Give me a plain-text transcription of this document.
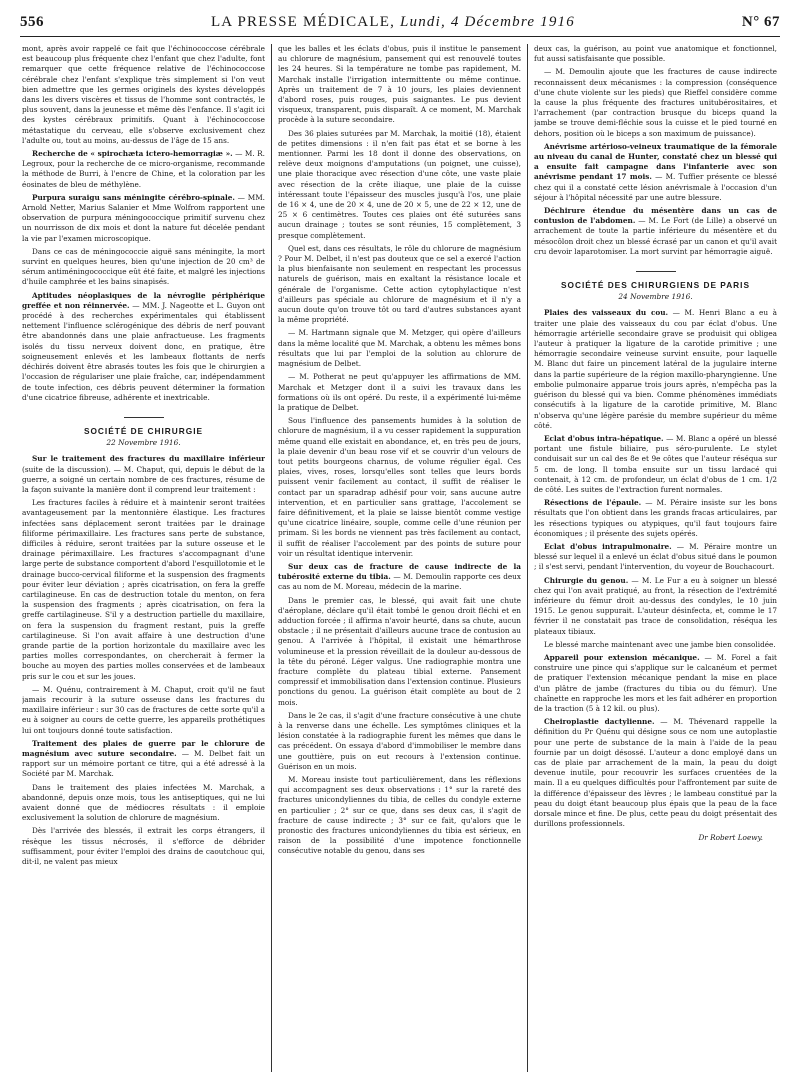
556	LA PRESSE MÉDICALE, Lundi, 4 Décembre 1916	N° 67

mont, après avoir rappelé ce fait que l'échinococcose cérébrale est beaucoup plus fréquente chez l'enfant que chez l'adulte, font remarquer que cette fréquence relative de l'échinococcose cérébrale chez l'enfant s'explique très simplement si l'on veut bien admettre que les germes originels des kystes développés dans les divers viscères et tissus de l'homme sont contractés, le plus souvent, dans la jeunesse et même dès l'enfance. Il s'agit ici des kystes cérébraux primitifs. Quant à l'échinococcose métastatique du cerveau, elle s'observe exclusivement chez l'adulte ou, tout au moins, au-dessus de l'âge de 15 ans.

Recherche de « spirochæta ictero-hemorragiæ ». — M. R. Legroux, pour la recherche de ce micro-organisme, recommande la méthode de Burri, à l'encre de Chine, et la coloration par les éosinates de bleu de méthylène.

Purpura suraigu sans méningite cérébro-spinale. — MM. Arnold Netter, Marius Salanier et Mme Wolfrom rapportent une observation de purpura méningococcique primitif survenu chez un nourrisson de dix mois et dont la nature fut décelée pendant la vie par l'examen microscopique.

Dans ce cas de méningococcie aiguë sans méningite, la mort survint en quelques heures, bien qu'une injection de 20 cm³ de sérum antiméningococcique eût été faite, et malgré les injections d'huile camphrée et les bains sinapisés.

Aptitudes néoplasiques de la névroglie périphérique greffée et non réinnervée. — MM. J. Nageotte et L. Guyon ont procédé à des recherches expérimentales qui établissent nettement l'influence sclérogénique des débris de nerf pouvant être abandonnés dans une plaie anfractueuse. Les fragments isolés du tissu nerveux doivent donc, en pratique, être soigneusement enlevés et les lambeaux flottants de nerfs déchirés doivent être abrasés toutes les fois que le chirurgien a l'occasion de régulariser une plaie fraîche, car, indépendamment de toute infection, ces débris peuvent déterminer la formation d'une cicatrice fibreuse, adhérente et inextricable.

SOCIÉTÉ DE CHIRURGIE
22 Novembre 1916.

Sur le traitement des fractures du maxillaire inférieur (suite de la discussion). — M. Chaput, qui, depuis le début de la guerre, a soigné un certain nombre de ces fractures, résume de la façon suivante la manière dont il comprend leur traitement :

Les fractures faciles à réduire et à maintenir seront traitées avantageusement par la mentonnière élastique. Les fractures infectées sans déplacement seront traitées par le drainage filiforme périmaxillaire. Les fractures sans perte de substance, difficiles à réduire, seront traitées par la suture osseuse et le drainage périmaxillaire. Les fractures s'accompagnant d'une large perte de substance comportent d'abord l'esquillotomie et le drainage bucco-cervical filiforme et la suspension des fragments pour éviter leur déviation ; après cicatrisation, on fera la greffe cartilagineuse. En cas de destruction totale du menton, on fera la suspension des fragments ; après cicatrisation, on fera la greffe cartilagineuse. S'il y a destruction partielle du maxillaire, on fera la suspension du fragment restant, puis la greffe cartilagineuse. Si l'on avait affaire à une destruction d'une grande partie de la portion horizontale du maxillaire avec les parties molles correspondantes, on chercherait à fermer la bouche au moyen des parties molles conservées et de lambeaux pris sur le cou et sur les joues.

— M. Quénu, contrairement à M. Chaput, croit qu'il ne faut jamais recourir à la suture osseuse dans les fractures du maxillaire inférieur : sur 30 cas de fractures de cette sorte qu'il a eu à soigner au cours de cette guerre, les appareils prothétiques lui ont toujours donné toute satisfaction.

Traitement des plaies de guerre par le chlorure de magnésium avec suture secondaire. — M. Delbet fait un rapport sur un mémoire portant ce titre, qui a été adressé à la Société par M. Marchak.

Dans le traitement des plaies infectées M. Marchak, a abandonné, depuis onze mois, tous les antiseptiques, qui ne lui avaient donné que de médiocres résultats : il emploie exclusivement la solution de chlorure de magnésium.

Dès l'arrivée des blessés, il extrait les corps étrangers, il résèque les tissus nécrosés, il s'efforce de débrider suffisamment, pour éviter l'emploi des drains de caoutchouc qui, dit-il, ne valent pas mieux

que les balles et les éclats d'obus, puis il institue le pansement au chlorure de magnésium, pansement qui est renouvelé toutes les 24 heures. Si la température ne tombe pas rapidement, M. Marchak installe l'irrigation intermittente ou même continue. Après un traitement de 7 à 10 jours, les plaies deviennent d'abord roses, puis rouges, puis saignantes. Le pus devient visqueux, transparent, puis disparaît. A ce moment, M. Marchak procède à la suture secondaire.

Des 36 plaies suturées par M. Marchak, la moitié (18), étaient de petites dimensions : il n'en fait pas état et se borne à les mentionner. Parmi les 18 dont il donne des observations, on relève deux moignons d'amputations (un poignet, une cuisse), une plaie thoracique avec résection d'une côte, une vaste plaie avec résection de la crête iliaque, une plaie de la cuisse intéressant toute l'épaisseur des muscles jusqu'à l'os, une plaie de 16 × 4, une de 20 × 4, une de 20 × 5, une de 22 × 12, une de 25 × 6 centimètres. Toutes ces plaies ont été suturées sans aucun drainage ; toutes se sont réunies, 15 complètement, 3 presque complètement.

Quel est, dans ces résultats, le rôle du chlorure de magnésium ? Pour M. Delbet, il n'est pas douteux que ce sel a exercé l'action la plus bienfaisante non seulement en respectant les processus naturels de guérison, mais en exaltant la résistance locale et générale de l'organisme. Cette action cytophylactique n'est d'ailleurs pas spéciale au chlorure de magnésium et il n'y a aucun doute qu'on trouve tôt ou tard d'autres substances ayant la même propriété.

— M. Hartmann signale que M. Metzger, qui opère d'ailleurs dans la même localité que M. Marchak, a obtenu les mêmes bons résultats que lui par l'emploi de la solution au chlorure de magnésium de Delbet.

— M. Potherat ne peut qu'appuyer les affirmations de MM. Marchak et Metzger dont il a suivi les travaux dans les formations où ils ont opéré. Du reste, il a expérimenté lui-même la pratique de Delbet.

Sous l'influence des pansements humides à la solution de chlorure de magnésium, il a vu cesser rapidement la suppuration même quand elle existait en abondance, et, en très peu de jours, la plaie devenir d'un beau rose vif et se couvrir d'un velours de tout petits bourgeons charnus, de volume régulier égal. Ces plaies, vives, roses, lorsqu'elles sont telles que leurs bords puissent venir facilement au contact, il suffit de réaliser le contact par un sparadrap adhésif pour voir, sans aucune autre intervention, et en particulier sans grattage, l'accolement se faire définitivement, et la plaie se laisse bientôt comme vestige qu'une cicatrice linéaire, souple, comme celle d'une réunion per primam. Si les bords ne viennent pas très facilement au contact, il suffit de réaliser l'accolement par des points de suture pour voir un résultat identique intervenir.

Sur deux cas de fracture de cause indirecte de la tubérosité externe du tibia. — M. Demoulin rapporte ces deux cas au nom de M. Moreau, médecin de la marine.

Dans le premier cas, le blessé, qui avait fait une chute d'aéroplane, déclare qu'il était tombé le genou droit fléchi et en adduction forcée ; il affirma n'avoir heurté, dans sa chute, aucun obstacle ; il ne présentait d'ailleurs aucune trace de contusion au genou. A l'arrivée à l'hôpital, il existait une hémarthrose volumineuse et la pression réveillait de la douleur au-dessous de la tête du péroné. Léger valgus. Une radiographie montra une fracture complète du plateau tibial externe. Pansement compressif et immobilisation dans l'extension continue. Plusieurs ponctions du genou. La guérison était complète au bout de 2 mois.

Dans le 2e cas, il s'agit d'une fracture consécutive à une chute à la renverse dans une échelle. Les symptômes cliniques et la lésion constatée à la radiographie furent les mêmes que dans le cas précédent. On essaya d'abord d'immobiliser le membre dans une gouttière, puis on eut recours à l'extension continue. Guérison en un mois.

M. Moreau insiste tout particulièrement, dans les réflexions qui accompagnent ses deux observations : 1° sur la rareté des fractures unicondyliennes du tibia, de celles du condyle externe en particulier ; 2° sur ce que, dans ses deux cas, il s'agit de fracture de cause indirecte ; 3° sur ce fait, qu'alors que le pronostic des fractures unicondyliennes du tibia est sérieux, en raison de la possibilité d'une impotence fonctionnelle consécutive notable du genou, dans ses

deux cas, la guérison, au point vue anatomique et fonctionnel, fut aussi satisfaisante que possible.

— M. Demoulin ajoute que les fractures de cause indirecte reconnaissent deux mécanismes : la compression (conséquence d'une chute violente sur les pieds) que Rieffel considère comme la cause la plus fréquente des fractures unitubérositaires, et l'arrachement (par contraction brusque du biceps quand la jambe se trouve demi-fléchie sous la cuisse et le pied tourné en dehors, position où le biceps a son maximum de puissance).

Anévrisme artérioso-veineux traumatique de la fémorale au niveau du canal de Hunter, constaté chez un blessé qui a ensuite fait campagne dans l'infanterie avec son anévrisme pendant 17 mois. — M. Tuffier présente ce blessé chez qui il a constaté cette lésion anévrismale à l'occasion d'un séjour à l'hôpital nécessité par une autre blessure.

Déchirure étendue du mésentère dans un cas de contusion de l'abdomen. — M. Le Fort (de Lille) a observé un arrachement de toute la partie inférieure du mésentère et du mésocôlon droit chez un blessé écrasé par un canon et qu'il avait cru devoir laparotomiser. La mort survint par hémorragie aiguë.

SOCIÉTÉ DES CHIRURGIENS DE PARIS
24 Novembre 1916.

Plaies des vaisseaux du cou. — M. Henri Blanc a eu à traiter une plaie des vaisseaux du cou par éclat d'obus. Une hémorragie artérielle secondaire grave se produisit qui obligea l'auteur à pratiquer la ligature de la carotide primitive ; une hémorragie secondaire veineuse survint ensuite, pour laquelle M. Blanc dut faire un pincement latéral de la jugulaire interne dans la partie supérieure de la région maxillo-pharyngienne. Une embolie pulmonaire apparue trois jours après, n'empêcha pas la guérison du blessé qui va bien. Comme phénomènes immédiats consécutifs à la ligature de la carotide primitive, M. Blanc n'observa qu'une légère parésie du membre supérieur du même côté.

Eclat d'obus intra-hépatique. — M. Blanc a opéré un blessé portant une fistule biliaire, pus séro-purulente. Le stylet conduisait sur un cal des 8e et 9e côtes que l'auteur réséqua sur 5 cm. de long. Il tomba ensuite sur un tissu lardacé qui contenait, à 12 cm. de profondeur, un éclat d'obus de 1 cm. 1/2 de côté. Les suites de l'extraction furent normales.

Résections de l'épaule. — M. Péraire insiste sur les bons résultats que l'on obtient dans les grands fracas articulaires, par les résections typiques ou atypiques, qu'il faut toujours faire économiques ; il présente des sujets opérés.

Eclat d'obus intrapulmonaire. — M. Péraire montre un blessé sur lequel il a enlevé un éclat d'obus situé dans le poumon ; il s'est servi, pendant l'intervention, du voyeur de Bouchacourt.

Chirurgie du genou. — M. Le Fur a eu à soigner un blessé chez qui l'on avait pratiqué, au front, la résection de l'extrémité inférieure du fémur droit au-dessus des condyles, le 10 juin 1915. Le genou suppurait. L'auteur désinfecta, et, comme le 17 février il ne constatait pas trace de consolidation, réséqua les plateaux tibiaux.

Le blessé marche maintenant avec une jambe bien consolidée.

Appareil pour extension mécanique. — M. Forel a fait construire une pince qui s'applique sur le calcanéum et permet de pratiquer l'extension mécanique pendant la mise en place d'un plâtre de jambe (fractures du tibia ou du fémur). Une chaînette en rapproche les mors et les fait adhérer en proportion de la traction (5 à 12 kil. ou plus).

Cheiroplastie dactylienne. — M. Thévenard rappelle la définition du Pr Quénu qui désigne sous ce nom une autoplastie pour une perte de substance de la main à l'aide de la peau fournie par un doigt désossé. L'auteur a donc employé dans un cas de plaie par arrachement de la main, la peau du doigt devenue inutile, pour recouvrir les surfaces cruentées de la main. Il a eu quelques difficultés pour l'affrontement par suite de la différence d'épaisseur des lèvres ; le lambeau constitué par la peau du doigt étant beaucoup plus épais que la peau de la face dorsale mince et fine. De plus, cette peau du doigt présentait des durillons professionnels.

Dr Robert Loewy.
